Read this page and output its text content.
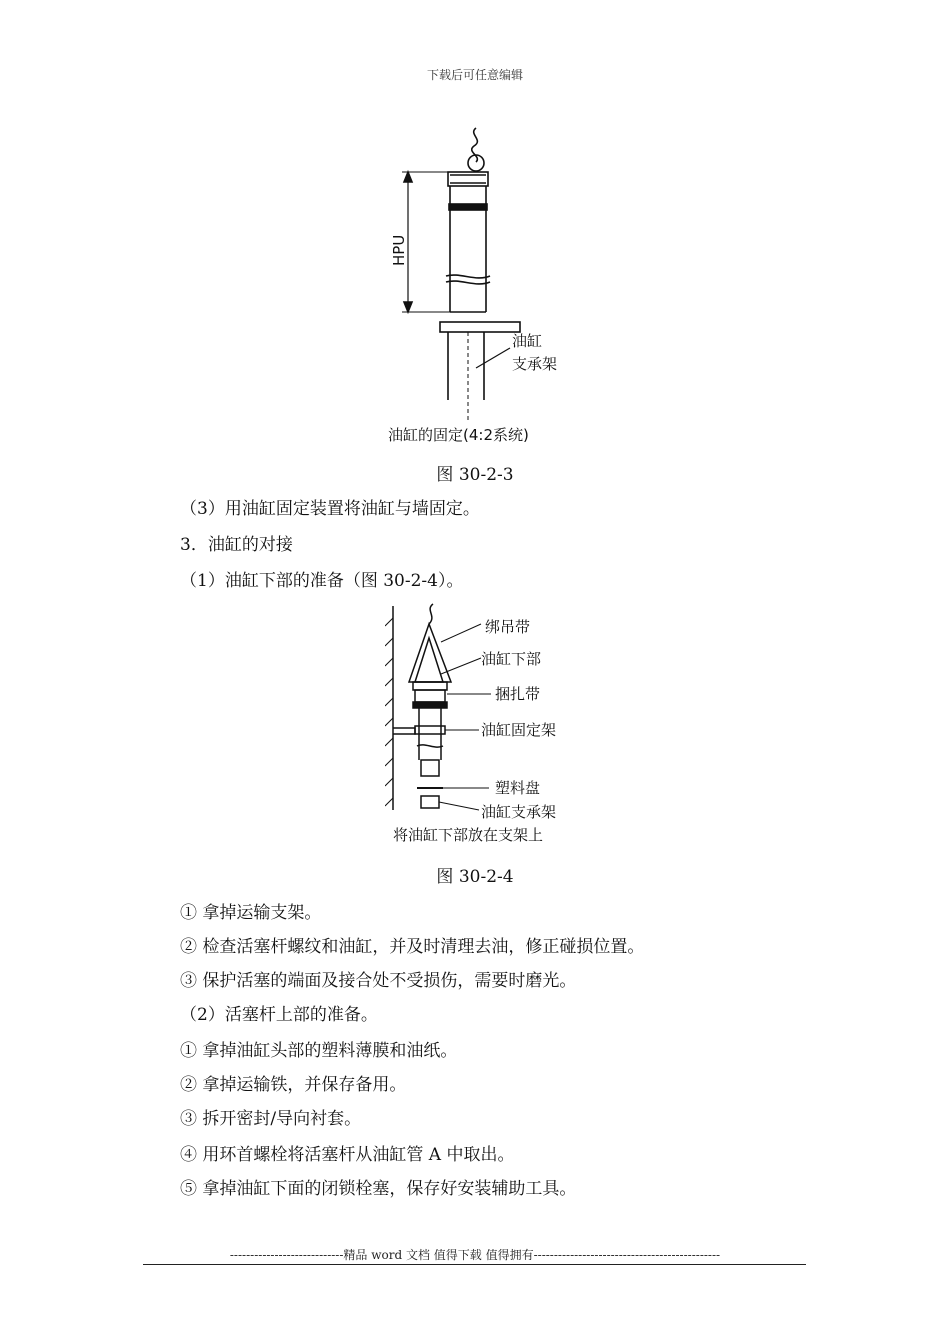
下载后可任意编辑
HPU
油缸
支承架
油缸的固定(4:2系统)
图 30-2-3
（3）用油缸固定装置将油缸与墙固定。
3．油缸的对接
（1）油缸下部的准备（图 30-2-4）。
绑吊带
油缸下部
捆扎带
油缸固定架
塑料盘
油缸支承架
将油缸下部放在支架上
图 30-2-4
① 拿掉运输支架。
② 检查活塞杆螺纹和油缸，并及时清理去油，修正碰损位置。
③ 保护活塞的端面及接合处不受损伤，需要时磨光。
（2）活塞杆上部的准备。
① 拿掉油缸头部的塑料薄膜和油纸。
② 拿掉运输铁，并保存备用。
③ 拆开密封/导向衬套。
④ 用环首螺栓将活塞杆从油缸管 A 中取出。
⑤ 拿掉油缸下面的闭锁栓塞，保存好安装辅助工具。
----------------------------精品 word 文档 值得下载 值得拥有----------------------------------------------
